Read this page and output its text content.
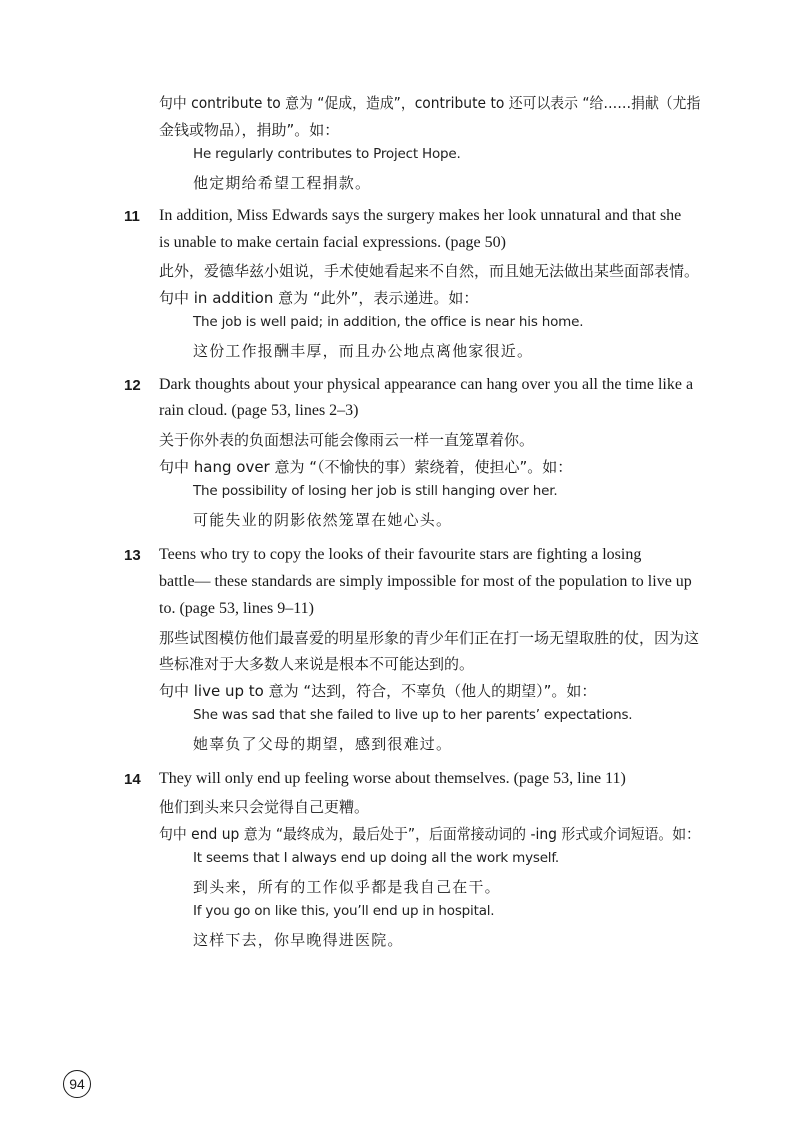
句中 contribute to 意为 “促成，造成”，contribute to 还可以表示 “给……捐献（尤指
金钱或物品），捐助”。如：
He regularly contributes to Project Hope.
他定期给希望工程捐款。
11 In addition, Miss Edwards says the surgery makes her look unnatural and that she
is unable to make certain facial expressions. (page 50)
此外，爱德华兹小姐说，手术使她看起来不自然，而且她无法做出某些面部表情。
句中 in addition 意为 “此外”，表示递进。如：
The job is well paid; in addition, the office is near his home.
这份工作报酬丰厚，而且办公地点离他家很近。
12 Dark thoughts about your physical appearance can hang over you all the time like a
rain cloud. (page 53, lines 2–3)
关于你外表的负面想法可能会像雨云一样一直笼罩着你。
句中 hang over 意为 “（不愉快的事）萦绕着，使担心”。如：
The possibility of losing her job is still hanging over her.
可能失业的阴影依然笼罩在她心头。
13 Teens who try to copy the looks of their favourite stars are fighting a losing
battle— these standards are simply impossible for most of the population to live up
to. (page 53, lines 9–11)
那些试图模仿他们最喜爱的明星形象的青少年们正在打一场无望取胜的仗，因为这
些标准对于大多数人来说是根本不可能达到的。
句中 live up to 意为 “达到，符合，不辜负（他人的期望）”。如：
She was sad that she failed to live up to her parents’ expectations.
她辜负了父母的期望，感到很难过。
14 They will only end up feeling worse about themselves. (page 53, line 11)
他们到头来只会觉得自己更糟。
句中 end up 意为 “最终成为，最后处于”，后面常接动词的 -ing 形式或介词短语。如：
It seems that I always end up doing all the work myself.
到头来，所有的工作似乎都是我自己在干。
If you go on like this, you’ll end up in hospital.
这样下去，你早晚得进医院。
94
